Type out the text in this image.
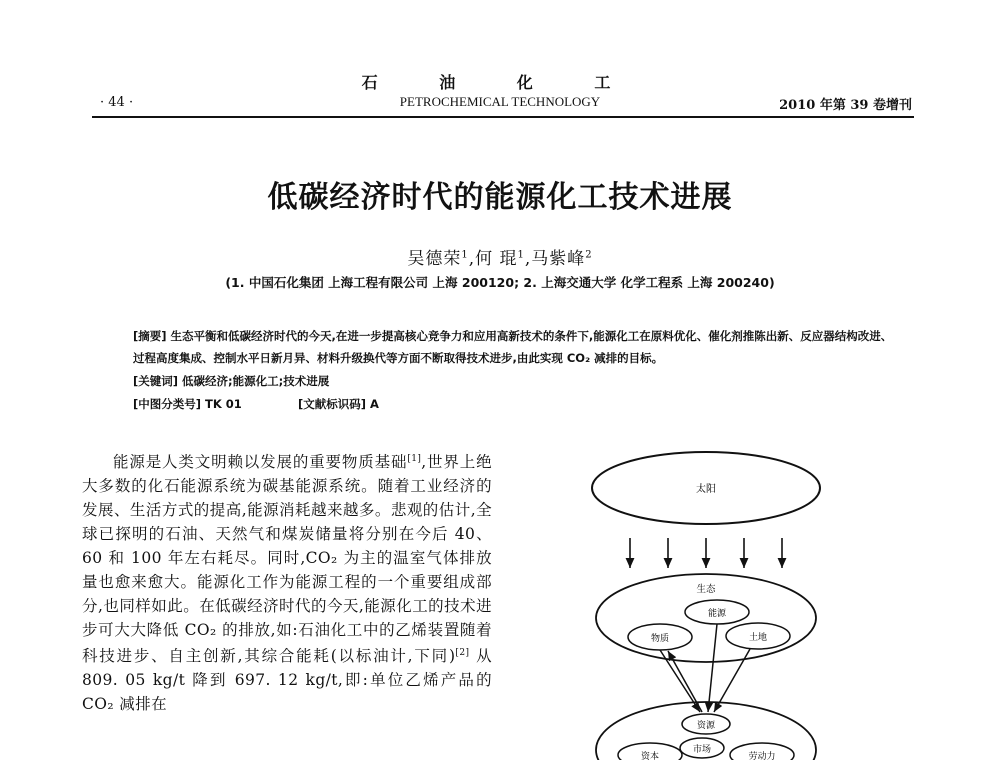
石 油 化 工
· 44 ·	PETROCHEMICAL TECHNOLOGY	2010 年第 39 卷增刊
低碳经济时代的能源化工技术进展
吴德荣$^1$,何 琨$^1$,马紫峰$^2$
(1. 中国石化集团 上海工程有限公司 上海 200120; 2. 上海交通大学 化学工程系 上海 200240)
[摘要] 生态平衡和低碳经济时代的今天,在进一步提高核心竞争力和应用高新技术的条件下,能源化工在原料优化、催化剂推陈出新、反应器结构改进、过程高度集成、控制水平日新月异、材料升级换代等方面不断取得技术进步,由此实现 CO₂ 减排的目标。
[关键词] 低碳经济;能源化工;技术进展
[中图分类号] TK 01	[文献标识码] A

能源是人类文明赖以发展的重要物质基础[1],世界上绝大多数的化石能源系统为碳基能源系统。随着工业经济的发展、生活方式的提高,能源消耗越来越多。悲观的估计,全球已探明的石油、天然气和煤炭储量将分别在今后 40、60 和 100 年左右耗尽。同时,CO₂ 为主的温室气体排放量也愈来愈大。能源化工作为能源工程的一个重要组成部分,也同样如此。在低碳经济时代的今天,能源化工的技术进步可大大降低 CO₂ 的排放,如:石油化工中的乙烯装置随着科技进步、自主创新,其综合能耗(以标油计,下同)[2] 从 809. 05 kg/t 降到 697. 12 kg/t,即:单位乙烯产品的 CO₂ 减排在

太阳
生态
能源
物质	土地
资源
市场
资本	劳动力
